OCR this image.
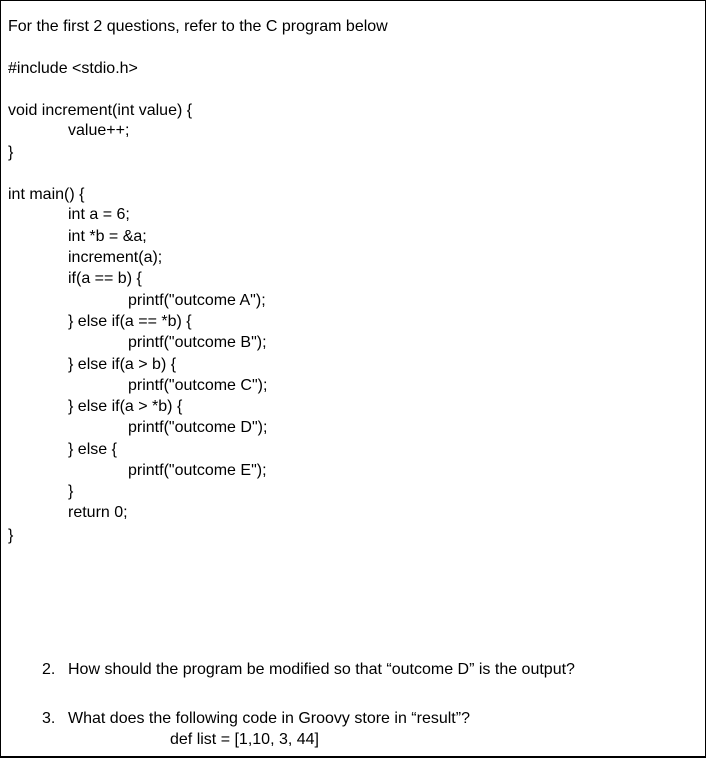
For the first 2 questions, refer to the C program below
#include <stdio.h>
void increment(int value) {
value++;
}
int main() {
int a = 6;
int *b = &a;
increment(a);
if(a == b) {
printf("outcome A");
} else if(a == *b) {
printf("outcome B");
} else if(a > b) {
printf("outcome C");
} else if(a > *b) {
printf("outcome D");
} else {
printf("outcome E");
}
return 0;
}
2. How should the program be modified so that “outcome D” is the output?
3. What does the following code in Groovy store in “result”?
def list = [1,10, 3, 44]
